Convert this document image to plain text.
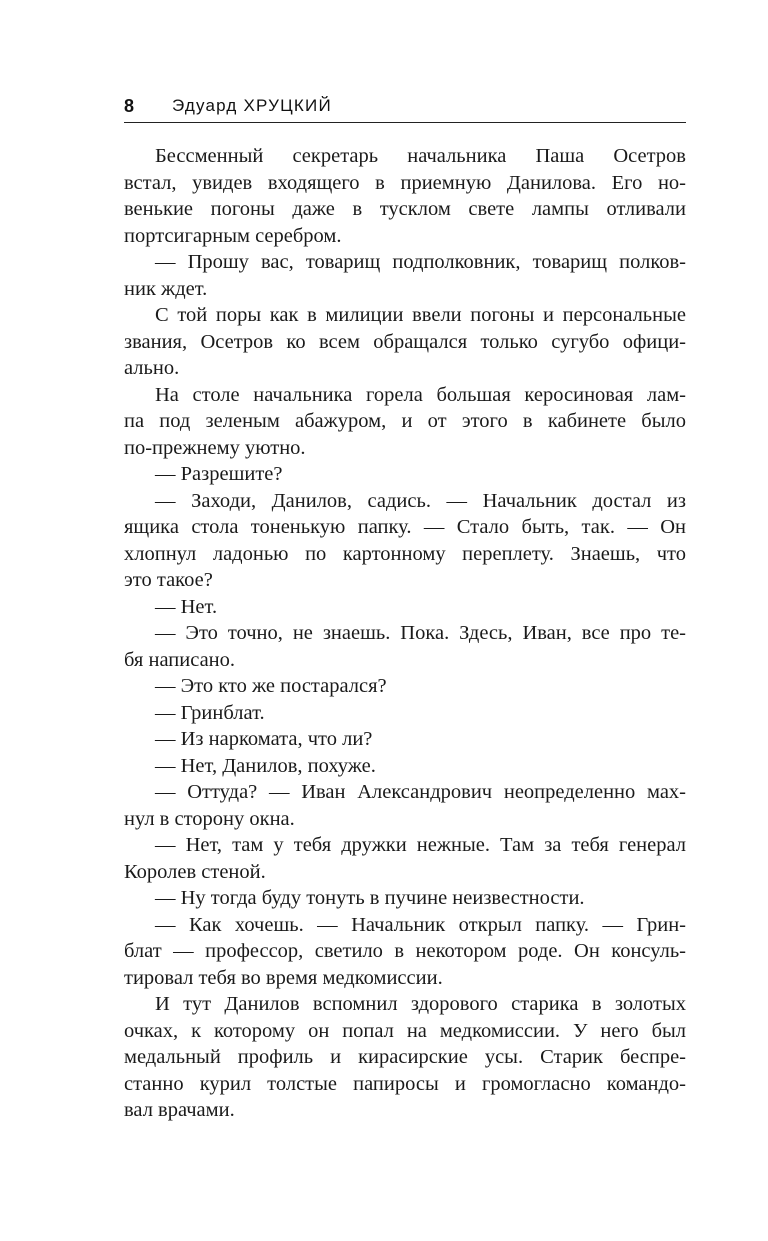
8 Эдуард ХРУЦКИЙ
Бессменный секретарь начальника Паша Осетров
встал, увидев входящего в приемную Данилова. Его но-
венькие погоны даже в тусклом свете лампы отливали
портсигарным серебром.
— Прошу вас, товарищ подполковник, товарищ полков-
ник ждет.
С той поры как в милиции ввели погоны и персональные
звания, Осетров ко всем обращался только сугубо офици-
ально.
На столе начальника горела большая керосиновая лам-
па под зеленым абажуром, и от этого в кабинете было
по-прежнему уютно.
— Разрешите?
— Заходи, Данилов, садись. — Начальник достал из
ящика стола тоненькую папку. — Стало быть, так. — Он
хлопнул ладонью по картонному переплету. Знаешь, что
это такое?
— Нет.
— Это точно, не знаешь. Пока. Здесь, Иван, все про те-
бя написано.
— Это кто же постарался?
— Гринблат.
— Из наркомата, что ли?
— Нет, Данилов, похуже.
— Оттуда? — Иван Александрович неопределенно мах-
нул в сторону окна.
— Нет, там у тебя дружки нежные. Там за тебя генерал
Королев стеной.
— Ну тогда буду тонуть в пучине неизвестности.
— Как хочешь. — Начальник открыл папку. — Грин-
блат — профессор, светило в некотором роде. Он консуль-
тировал тебя во время медкомиссии.
И тут Данилов вспомнил здорового старика в золотых
очках, к которому он попал на медкомиссии. У него был
медальный профиль и кирасирские усы. Старик беспре-
станно курил толстые папиросы и громогласно командо-
вал врачами.
